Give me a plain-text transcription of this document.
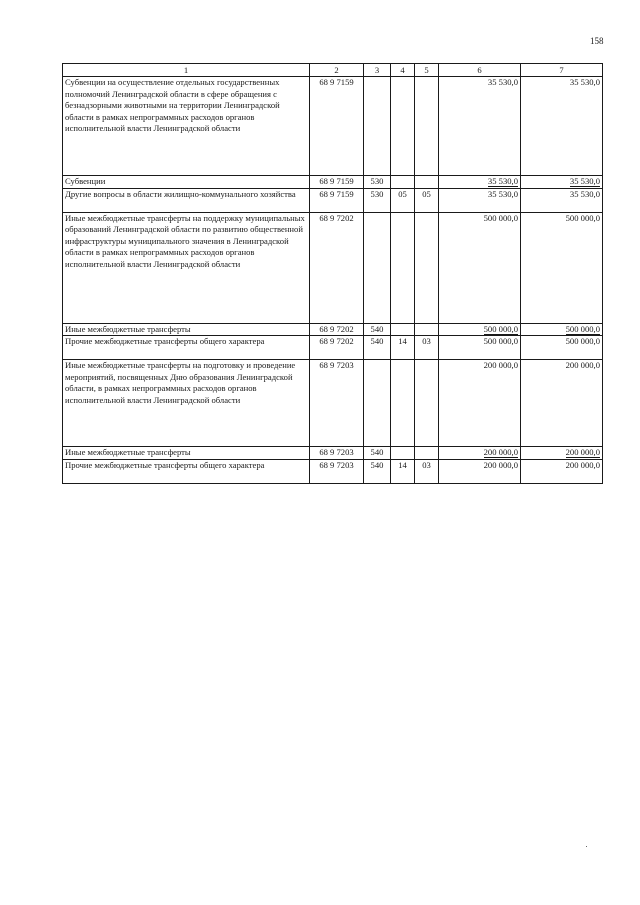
158
1	2	3	4	5	6	7
Субвенции на осуществление отдельных государственных полномочий Ленинградской области в сфере обращения с безнадзорными животными на территории Ленинградской области в рамках непрограммных расходов органов исполнительной власти Ленинградской области	68 9 7159				35 530,0	35 530,0
Субвенции	68 9 7159	530			35 530,0	35 530,0
Другие вопросы в области жилищно-коммунального хозяйства	68 9 7159	530	05	05	35 530,0	35 530,0
Иные межбюджетные трансферты на поддержку муниципальных образований Ленинградской области по развитию общественной инфраструктуры муниципального значения в Ленинградской области в рамках непрограммных расходов органов исполнительной власти Ленинградской области	68 9 7202				500 000,0	500 000,0
Иные межбюджетные трансферты	68 9 7202	540			500 000,0	500 000,0
Прочие межбюджетные трансферты общего характера	68 9 7202	540	14	03	500 000,0	500 000,0
Иные межбюджетные трансферты на подготовку и проведение мероприятий, посвященных Дню образования Ленинградской области, в рамках непрограммных расходов органов исполнительной власти Ленинградской области	68 9 7203				200 000,0	200 000,0
Иные межбюджетные трансферты	68 9 7203	540			200 000,0	200 000,0
Прочие межбюджетные трансферты общего характера	68 9 7203	540	14	03	200 000,0	200 000,0
